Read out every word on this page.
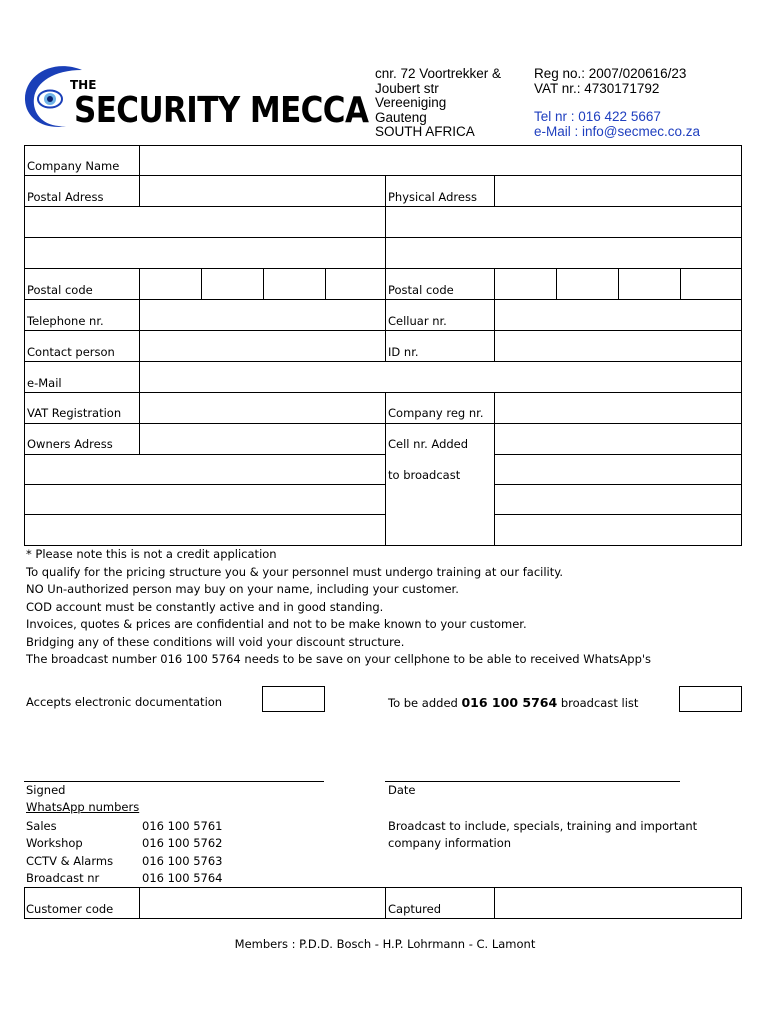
THE
SECURITY MECCA
cnr. 72 Voortrekker &
Joubert str
Vereeniging
Gauteng
SOUTH AFRICA
Reg no.: 2007/020616/23
VAT nr.: 4730171792
Tel nr : 016 422 5667
e-Mail : info@secmec.co.za
Company Name
Postal Adress	Physical Adress
Postal code	Postal code
Telephone nr.	Celluar nr.
Contact person	ID nr.
e-Mail
VAT Registration	Company reg nr.
Owners Adress	Cell nr. Added
to broadcast
* Please note this is not a credit application
To qualify for the pricing structure you & your personnel must undergo training at our facility.
NO Un-authorized person may buy on your name, including your customer.
COD account must be constantly active and in good standing.
Invoices, quotes & prices are confidential and not to be make known to your customer.
Bridging any of these conditions will void your discount structure.
The broadcast number 016 100 5764 needs to be save on your cellphone to be able to received WhatsApp's
Accepts electronic documentation	To be added 016 100 5764 broadcast list
Signed	Date
WhatsApp numbers
Sales	016 100 5761
Workshop	016 100 5762
CCTV & Alarms	016 100 5763
Broadcast nr	016 100 5764
Broadcast to include, specials, training and important
company information
Customer code	Captured
Members : P.D.D. Bosch - H.P. Lohrmann - C. Lamont
